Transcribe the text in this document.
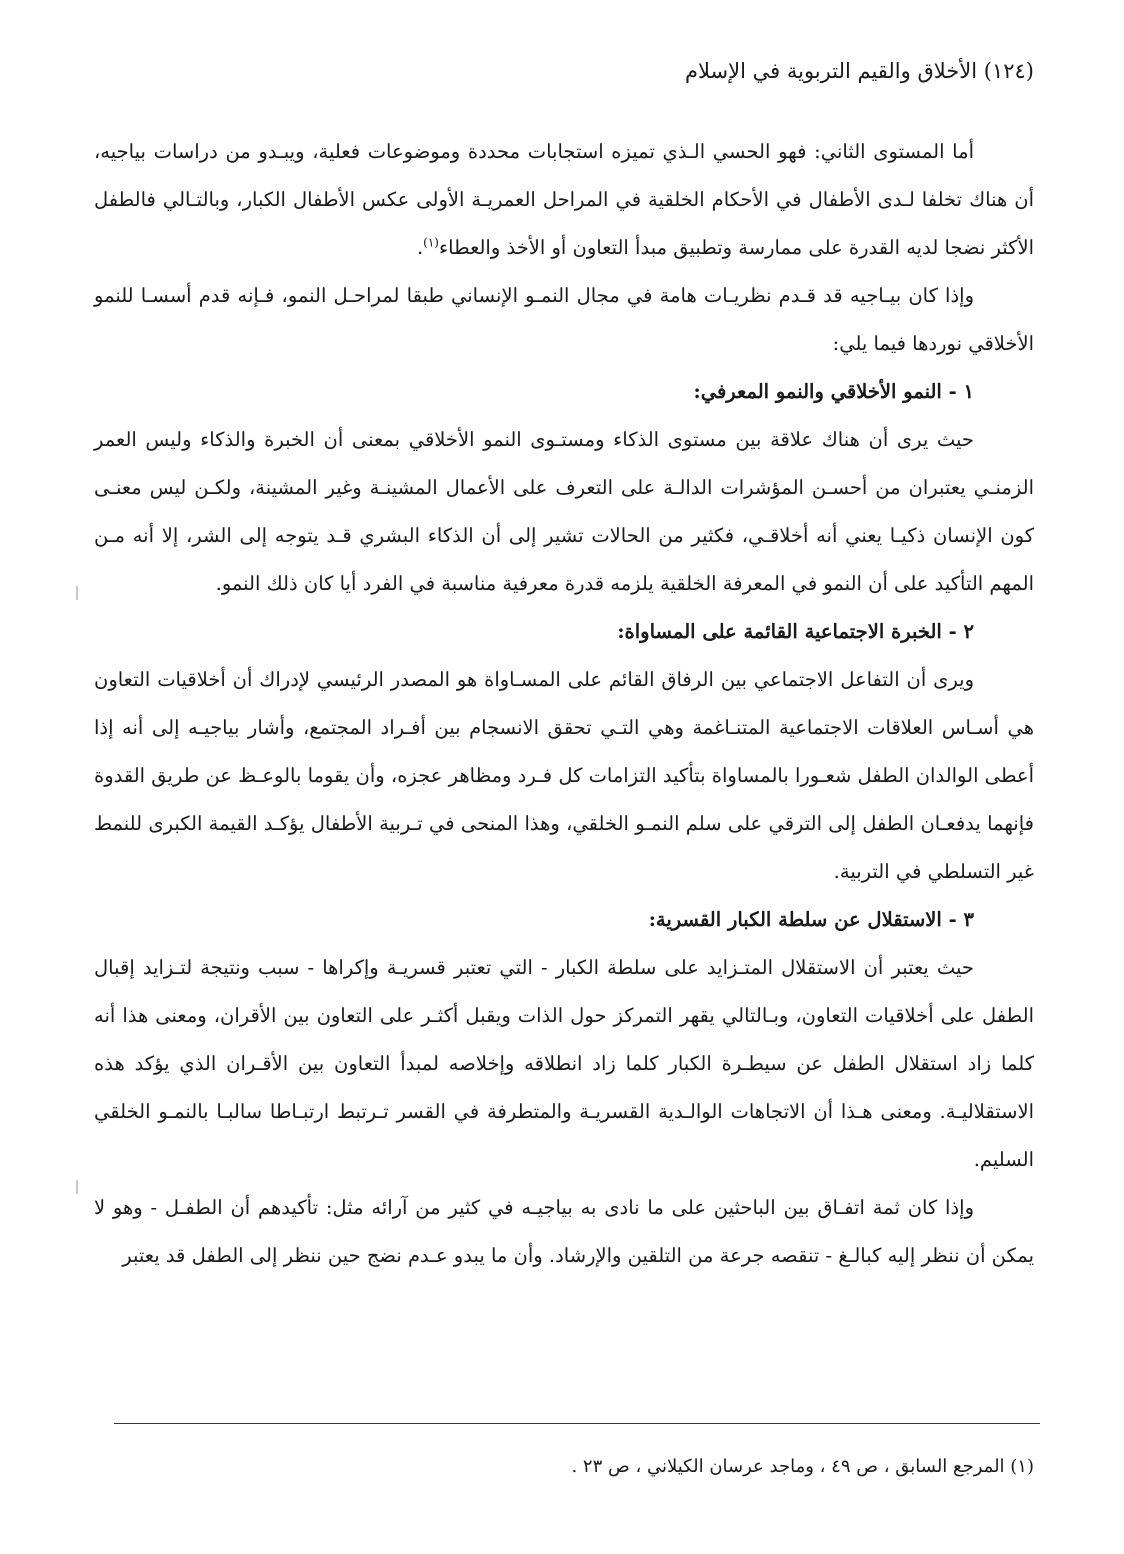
(١٢٤) الأخلاق والقيم التربوية في الإسلام

أما المستوى الثاني: فهو الحسي الـذي تميزه استجابات محددة وموضوعات فعلية، ويبـدو من دراسات بياجيه، أن هناك تخلفا لـدى الأطفال في الأحكام الخلقية في المراحل العمريـة الأولى عكس الأطفال الكبار، وبالتـالي فالطفل الأكثر نضجا لديه القدرة على ممارسة وتطبيق مبدأ التعاون أو الأخذ والعطاء$^{(١)}$.

وإذا كان بيـاجيه قد قـدم نظريـات هامة في مجال النمـو الإنساني طبقا لمراحـل النمو، فـإنه قدم أسسـا للنمو الأخلاقي نوردها فيما يلي:

١ - النمو الأخلاقي والنمو المعرفي:

حيث يرى أن هناك علاقة بين مستوى الذكاء ومستـوى النمو الأخلاقي بمعنى أن الخبرة والذكاء وليس العمر الزمنـي يعتبران من أحسـن المؤشرات الدالـة على التعرف على الأعمال المشينـة وغير المشينة، ولكـن ليس معنـى كون الإنسان ذكيـا يعني أنه أخلاقـي، فكثير من الحالات تشير إلى أن الذكاء البشري قـد يتوجه إلى الشر، إلا أنه مـن المهم التأكيد على أن النمو في المعرفة الخلقية يلزمه قدرة معرفية مناسبة في الفرد أيا كان ذلك النمو.

٢ - الخبرة الاجتماعية القائمة على المساواة:

ويرى أن التفاعل الاجتماعي بين الرفاق القائم على المسـاواة هو المصدر الرئيسي لإدراك أن أخلاقيات التعاون هي أسـاس العلاقات الاجتماعية المتنـاغمة وهي التـي تحقق الانسجام بين أفـراد المجتمع، وأشار بياجيـه إلى أنه إذا أعطى الوالدان الطفل شعـورا بالمساواة بتأكيد التزامات كل فـرد ومظاهر عجزه، وأن يقوما بالوعـظ عن طريق القدوة فإنهما يدفعـان الطفل إلى الترقي على سلم النمـو الخلقي، وهذا المنحى في تـربية الأطفال يؤكـد القيمة الكبرى للنمط غير التسلطي في التربية.

٣ - الاستقلال عن سلطة الكبار القسرية:

حيث يعتبر أن الاستقلال المتـزايد على سلطة الكبار - التي تعتبر قسريـة وإكراها - سبب ونتيجة لتـزايد إقبال الطفل على أخلاقيات التعاون، وبـالتالي يقهر التمركز حول الذات ويقبل أكثـر على التعاون بين الأقران، ومعنى هذا أنه كلما زاد استقلال الطفل عن سيطـرة الكبار كلما زاد انطلاقه وإخلاصه لمبدأ التعاون بين الأقـران الذي يؤكد هذه الاستقلاليـة. ومعنى هـذا أن الاتجاهات الوالـدية القسريـة والمتطرفة في القسر تـرتبط ارتبـاطا سالبـا بالنمـو الخلقي السليم.

وإذا كان ثمة اتفـاق بين الباحثين على ما نادى به بياجيـه في كثير من آرائه مثل: تأكيدهم أن الطفـل - وهو لا يمكن أن ننظر إليه كبالـغ - تنقصه جرعة من التلقين والإرشاد. وأن ما يبدو عـدم نضج حين ننظر إلى الطفل قد يعتبر

(١) المرجع السابق ، ص ٤٩ ، وماجد عرسان الكيلاني ، ص ٢٣ .
